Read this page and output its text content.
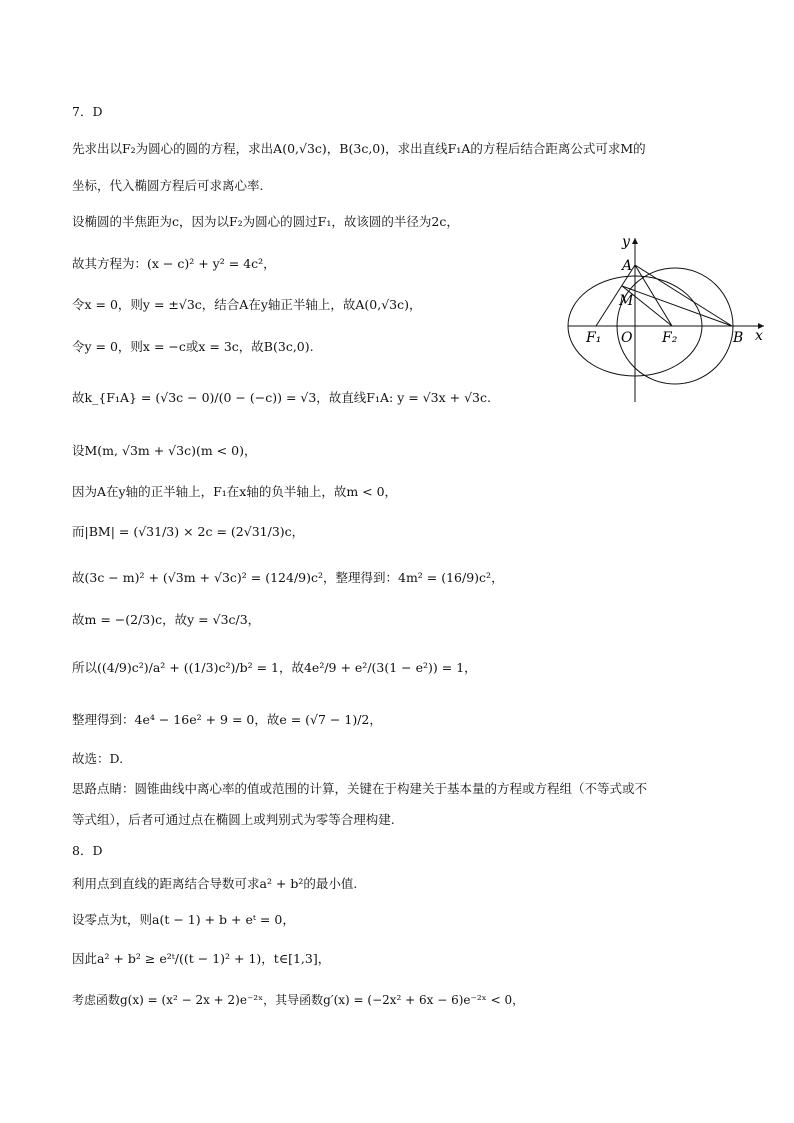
7．D
先求出以F₂为圆心的圆的方程，求出A(0,√3c)，B(3c,0)，求出直线F₁A的方程后结合距离公式可求M的
坐标，代入椭圆方程后可求离心率.
设椭圆的半焦距为c，因为以F₂为圆心的圆过F₁，故该圆的半径为2c，
故其方程为：(x − c)² + y² = 4c²，
令x = 0，则y = ±√3c，结合A在y轴正半轴上，故A(0,√3c)，
令y = 0，则x = −c或x = 3c，故B(3c,0).
故k_{F₁A} = (√3c − 0)/(0 − (−c)) = √3，故直线F₁A: y = √3x + √3c.
设M(m, √3m + √3c)(m < 0)，
因为A在y轴的正半轴上，F₁在x轴的负半轴上，故m < 0，
而|BM| = (√31/3) × 2c = (2√31/3)c，
故(3c − m)² + (√3m + √3c)² = (124/9)c²，整理得到：4m² = (16/9)c²，
故m = −(2/3)c，故y = √3c/3，
所以((4/9)c²)/a² + ((1/3)c²)/b² = 1，故4e²/9 + e²/(3(1 − e²)) = 1，
整理得到：4e⁴ − 16e² + 9 = 0，故e = (√7 − 1)/2，
故选：D.
思路点睛：圆锥曲线中离心率的值或范围的计算，关键在于构建关于基本量的方程或方程组（不等式或不
等式组），后者可通过点在椭圆上或判别式为零等合理构建.
8．D
利用点到直线的距离结合导数可求a² + b²的最小值.
设零点为t，则a(t − 1) + b + eᵗ = 0，
因此a² + b² ≥ e²ᵗ/((t − 1)² + 1)，t∈[1,3]，
考虑函数g(x) = (x² − 2x + 2)e⁻²ˣ，其导函数g′(x) = (−2x² + 6x − 6)e⁻²ˣ < 0，
y
A
M
F₁ O F₂	B x
